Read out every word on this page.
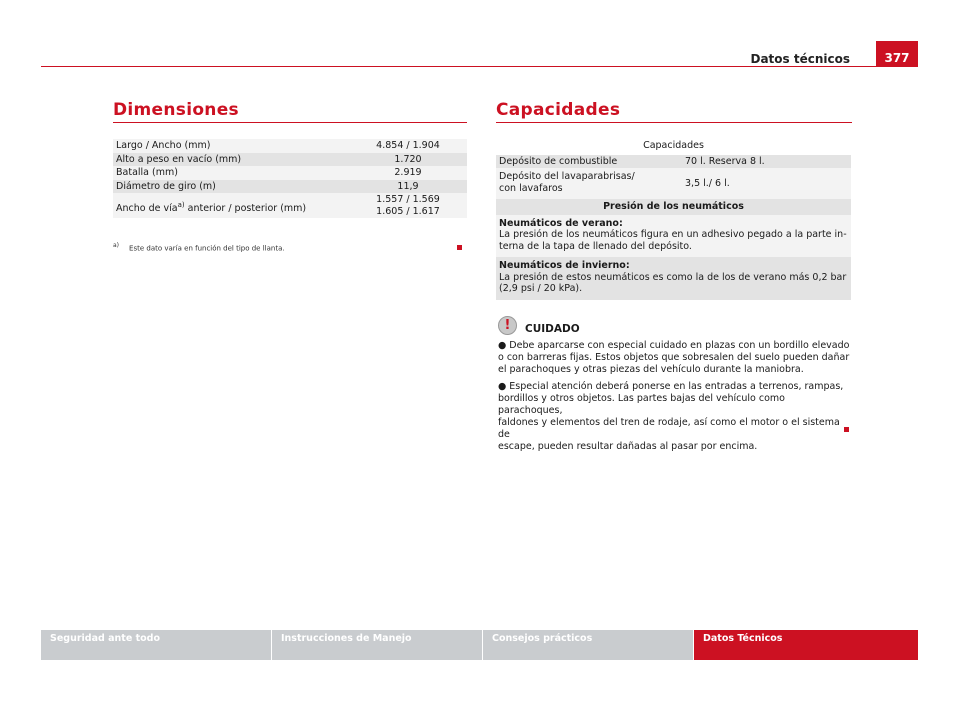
Datos técnicos	377
Dimensiones
Largo / Ancho (mm)	4.854 / 1.904
Alto a peso en vacío (mm)	1.720
Batalla (mm)	2.919
Diámetro de giro (m)	11,9
Ancho de vía$^{a)}$ anterior / posterior (mm)	1.557 / 1.569
1.605 / 1.617
$^{a)}$ Este dato varía en función del tipo de llanta.
Capacidades
Capacidades	
Depósito de combustible	70 l. Reserva 8 l.

Depósito del lavaparabrisas/
con lavafaros	3,5 l./ 6 l.
Presión de los neumáticos	

Neumáticos de verano:
La presión de los neumáticos figura en un adhesivo pegado a la parte in-
terna de la tapa de llenado del depósito.	

Neumáticos de invierno:
La presión de estos neumáticos es como la de los de verano más 0,2 bar
(2,9 psi / 20 kPa).	
!
CUIDADO

● Debe aparcarse con especial cuidado en plazas con un bordillo elevado
o con barreras fijas. Estos objetos que sobresalen del suelo pueden dañar
el parachoques y otras piezas del vehículo durante la maniobra.

● Especial atención deberá ponerse en las entradas a terrenos, rampas,
bordillos y otros objetos. Las partes bajas del vehículo como parachoques,
faldones y elementos del tren de rodaje, así como el motor o el sistema de
escape, pueden resultar dañadas al pasar por encima.

Seguridad ante todo	Instrucciones de Manejo	Consejos prácticos	Datos Técnicos
